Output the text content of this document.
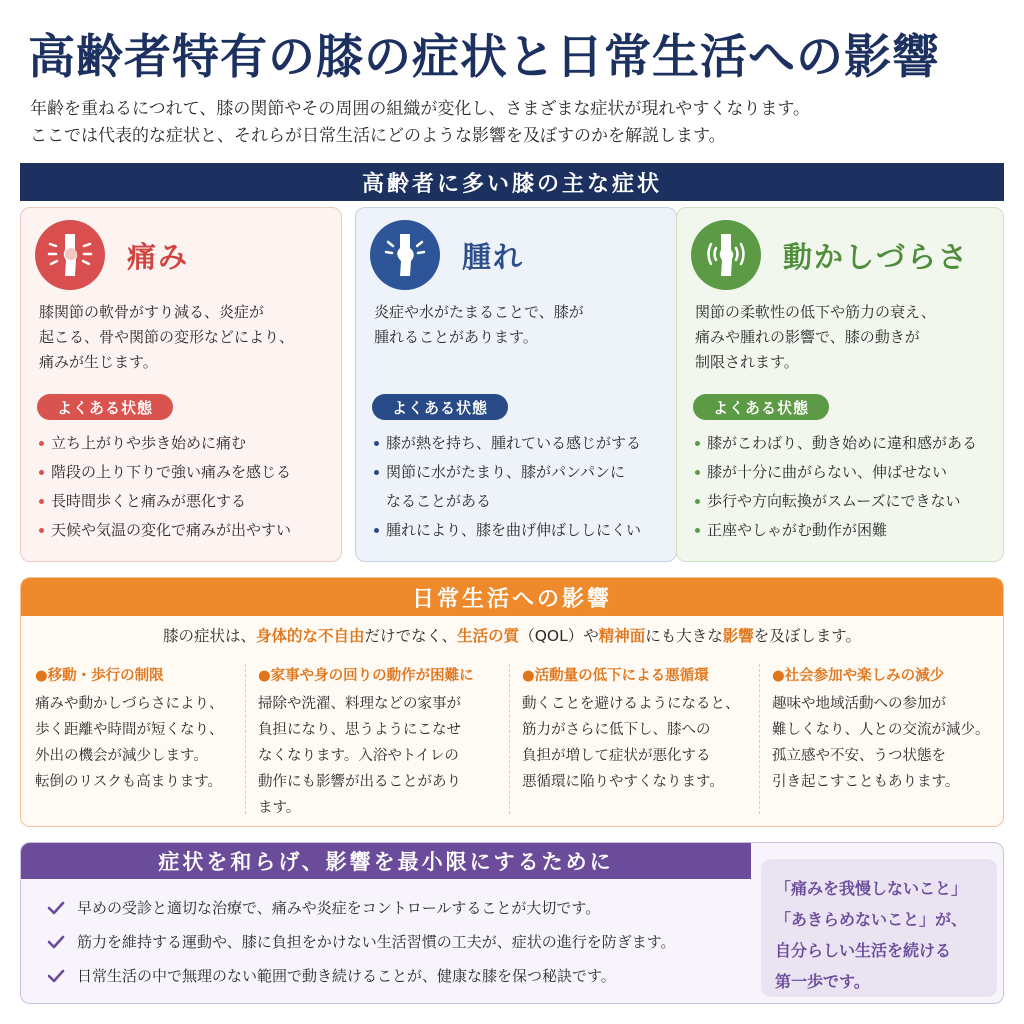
高齢者特有の膝の症状と日常生活への影響

年齢を重ねるにつれて、膝の関節やその周囲の組織が変化し、さまざまな症状が現れやすくなります。

ここでは代表的な症状と、それらが日常生活にどのような影響を及ぼすのかを解説します。

高齢者に多い膝の主な症状
痛み
膝関節の軟骨がすり減る、炎症が
起こる、骨や関節の変形などにより、
痛みが生じます。
よくある状態
立ち上がりや歩き始めに痛む
階段の上り下りで強い痛みを感じる
長時間歩くと痛みが悪化する
天候や気温の変化で痛みが出やすい
腫れ
炎症や水がたまることで、膝が
腫れることがあります。
よくある状態
膝が熱を持ち、腫れている感じがする
関節に水がたまり、膝がパンパンに
なることがある
腫れにより、膝を曲げ伸ばししにくい
動かしづらさ
関節の柔軟性の低下や筋力の衰え、
痛みや腫れの影響で、膝の動きが
制限されます。
よくある状態
膝がこわばり、動き始めに違和感がある
膝が十分に曲がらない、伸ばせない
歩行や方向転換がスムーズにできない
正座やしゃがむ動作が困難
日常生活への影響
膝の症状は、身体的な不自由だけでなく、生活の質（QOL）や精神面にも大きな影響を及ぼします。
●移動・歩行の制限
痛みや動かしづらさにより、
歩く距離や時間が短くなり、
外出の機会が減少します。
転倒のリスクも高まります。
●家事や身の回りの動作が困難に
掃除や洗濯、料理などの家事が
負担になり、思うようにこなせ
なくなります。入浴やトイレの
動作にも影響が出ることがあり
ます。
●活動量の低下による悪循環
動くことを避けるようになると、
筋力がさらに低下し、膝への
負担が増して症状が悪化する
悪循環に陥りやすくなります。
●社会参加や楽しみの減少
趣味や地域活動への参加が
難しくなり、人との交流が減少。
孤立感や不安、うつ状態を
引き起こすこともあります。
症状を和らげ、影響を最小限にするために
早めの受診と適切な治療で、痛みや炎症をコントロールすることが大切です。
筋力を維持する運動や、膝に負担をかけない生活習慣の工夫が、症状の進行を防ぎます。
日常生活の中で無理のない範囲で動き続けることが、健康な膝を保つ秘訣です。
「痛みを我慢しないこと」
「あきらめないこと」が、
自分らしい生活を続ける
第一歩です。
